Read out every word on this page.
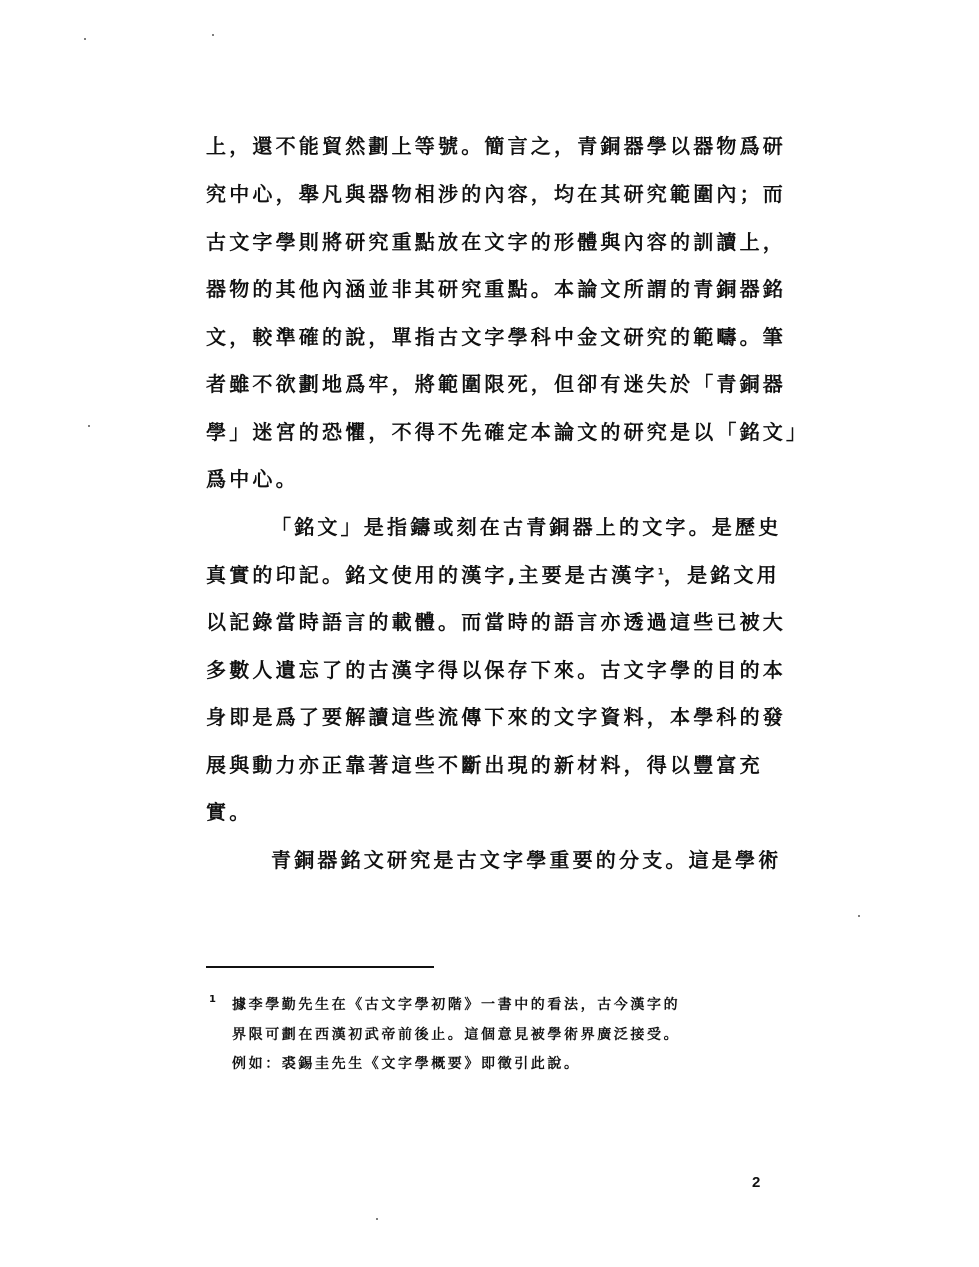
上，還不能貿然劃上等號。簡言之，青銅器學以器物爲研
究中心，舉凡與器物相涉的內容，均在其研究範圍內；而
古文字學則將研究重點放在文字的形體與內容的訓讀上，
器物的其他內涵並非其研究重點。本論文所謂的青銅器銘
文，較準確的說，單指古文字學科中金文研究的範疇。筆
者雖不欲劃地爲牢，將範圍限死，但卻有迷失於「青銅器
學」迷宮的恐懼，不得不先確定本論文的研究是以「銘文」
爲中心。
「銘文」是指鑄或刻在古青銅器上的文字。是歷史
真實的印記。銘文使用的漢字,主要是古漢字$^1$，是銘文用
以記錄當時語言的載體。而當時的語言亦透過這些已被大
多數人遺忘了的古漢字得以保存下來。古文字學的目的本
身即是爲了要解讀這些流傳下來的文字資料，本學科的發
展與動力亦正靠著這些不斷出現的新材料，得以豐富充
實。
青銅器銘文研究是古文字學重要的分支。這是學術
1 據李學勤先生在《古文字學初階》一書中的看法，古今漢字的
界限可劃在西漢初武帝前後止。這個意見被學術界廣泛接受。
例如：裘錫圭先生《文字學概要》即徵引此說。
2
